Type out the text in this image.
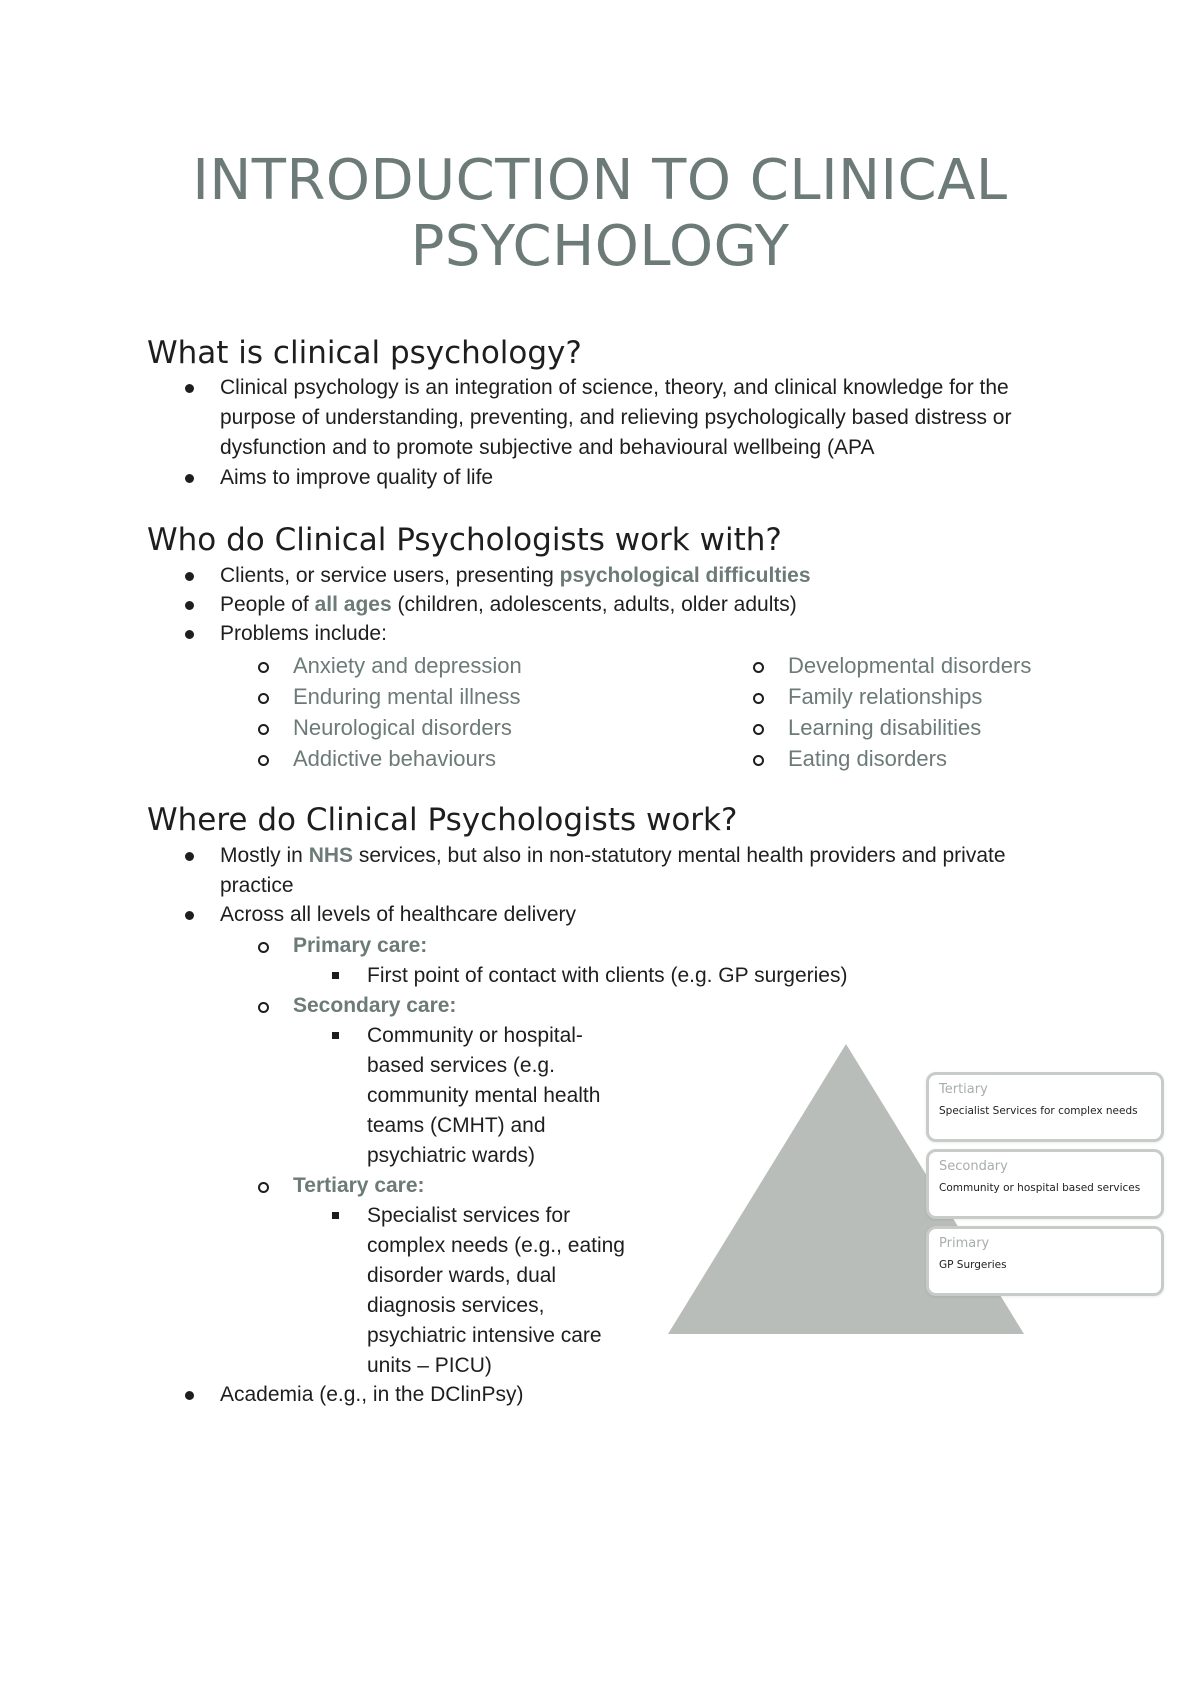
INTRODUCTION TO CLINICAL
PSYCHOLOGY
What is clinical psychology?
Clinical psychology is an integration of science, theory, and clinical knowledge for the
purpose of understanding, preventing, and relieving psychologically based distress or
dysfunction and to promote subjective and behavioural wellbeing (APA
Aims to improve quality of life
Who do Clinical Psychologists work with?
Clients, or service users, presenting psychological difficulties
People of all ages (children, adolescents, adults, older adults)
Problems include:
Anxiety and depression
Enduring mental illness
Neurological disorders
Addictive behaviours
Developmental disorders
Family relationships
Learning disabilities
Eating disorders
Where do Clinical Psychologists work?
Mostly in NHS services, but also in non-statutory mental health providers and private
practice
Across all levels of healthcare delivery
Primary care:
First point of contact with clients (e.g. GP surgeries)
Secondary care:
Community or hospital-
based services (e.g.
community mental health
teams (CMHT) and
psychiatric wards)
Tertiary care:
Specialist services for
complex needs (e.g., eating
disorder wards, dual
diagnosis services,
psychiatric intensive care
units – PICU)
Academia (e.g., in the DClinPsy)
Tertiary
Specialist Services for complex needs
Secondary
Community or hospital based services
Primary
GP Surgeries
